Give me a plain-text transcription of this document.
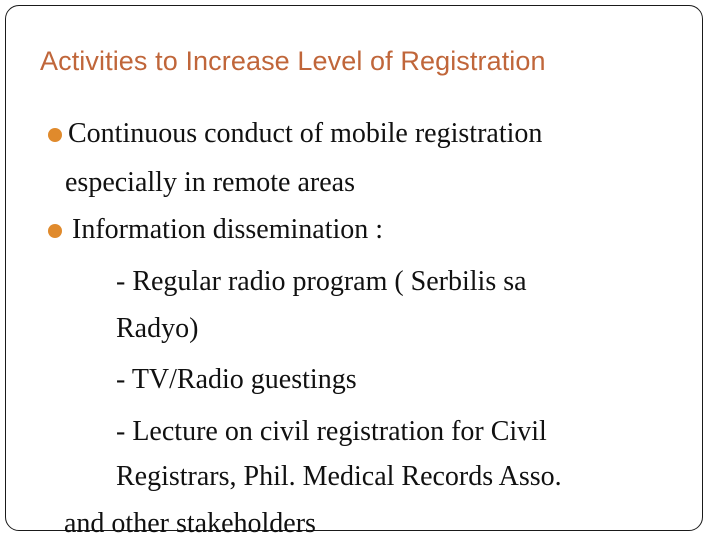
Activities to Increase Level of Registration
Continuous conduct of mobile registration
especially in remote areas
Information dissemination :
- Regular radio program ( Serbilis sa
Radyo)
- TV/Radio guestings
- Lecture on civil registration for Civil
Registrars, Phil. Medical Records Asso.
and other stakeholders
